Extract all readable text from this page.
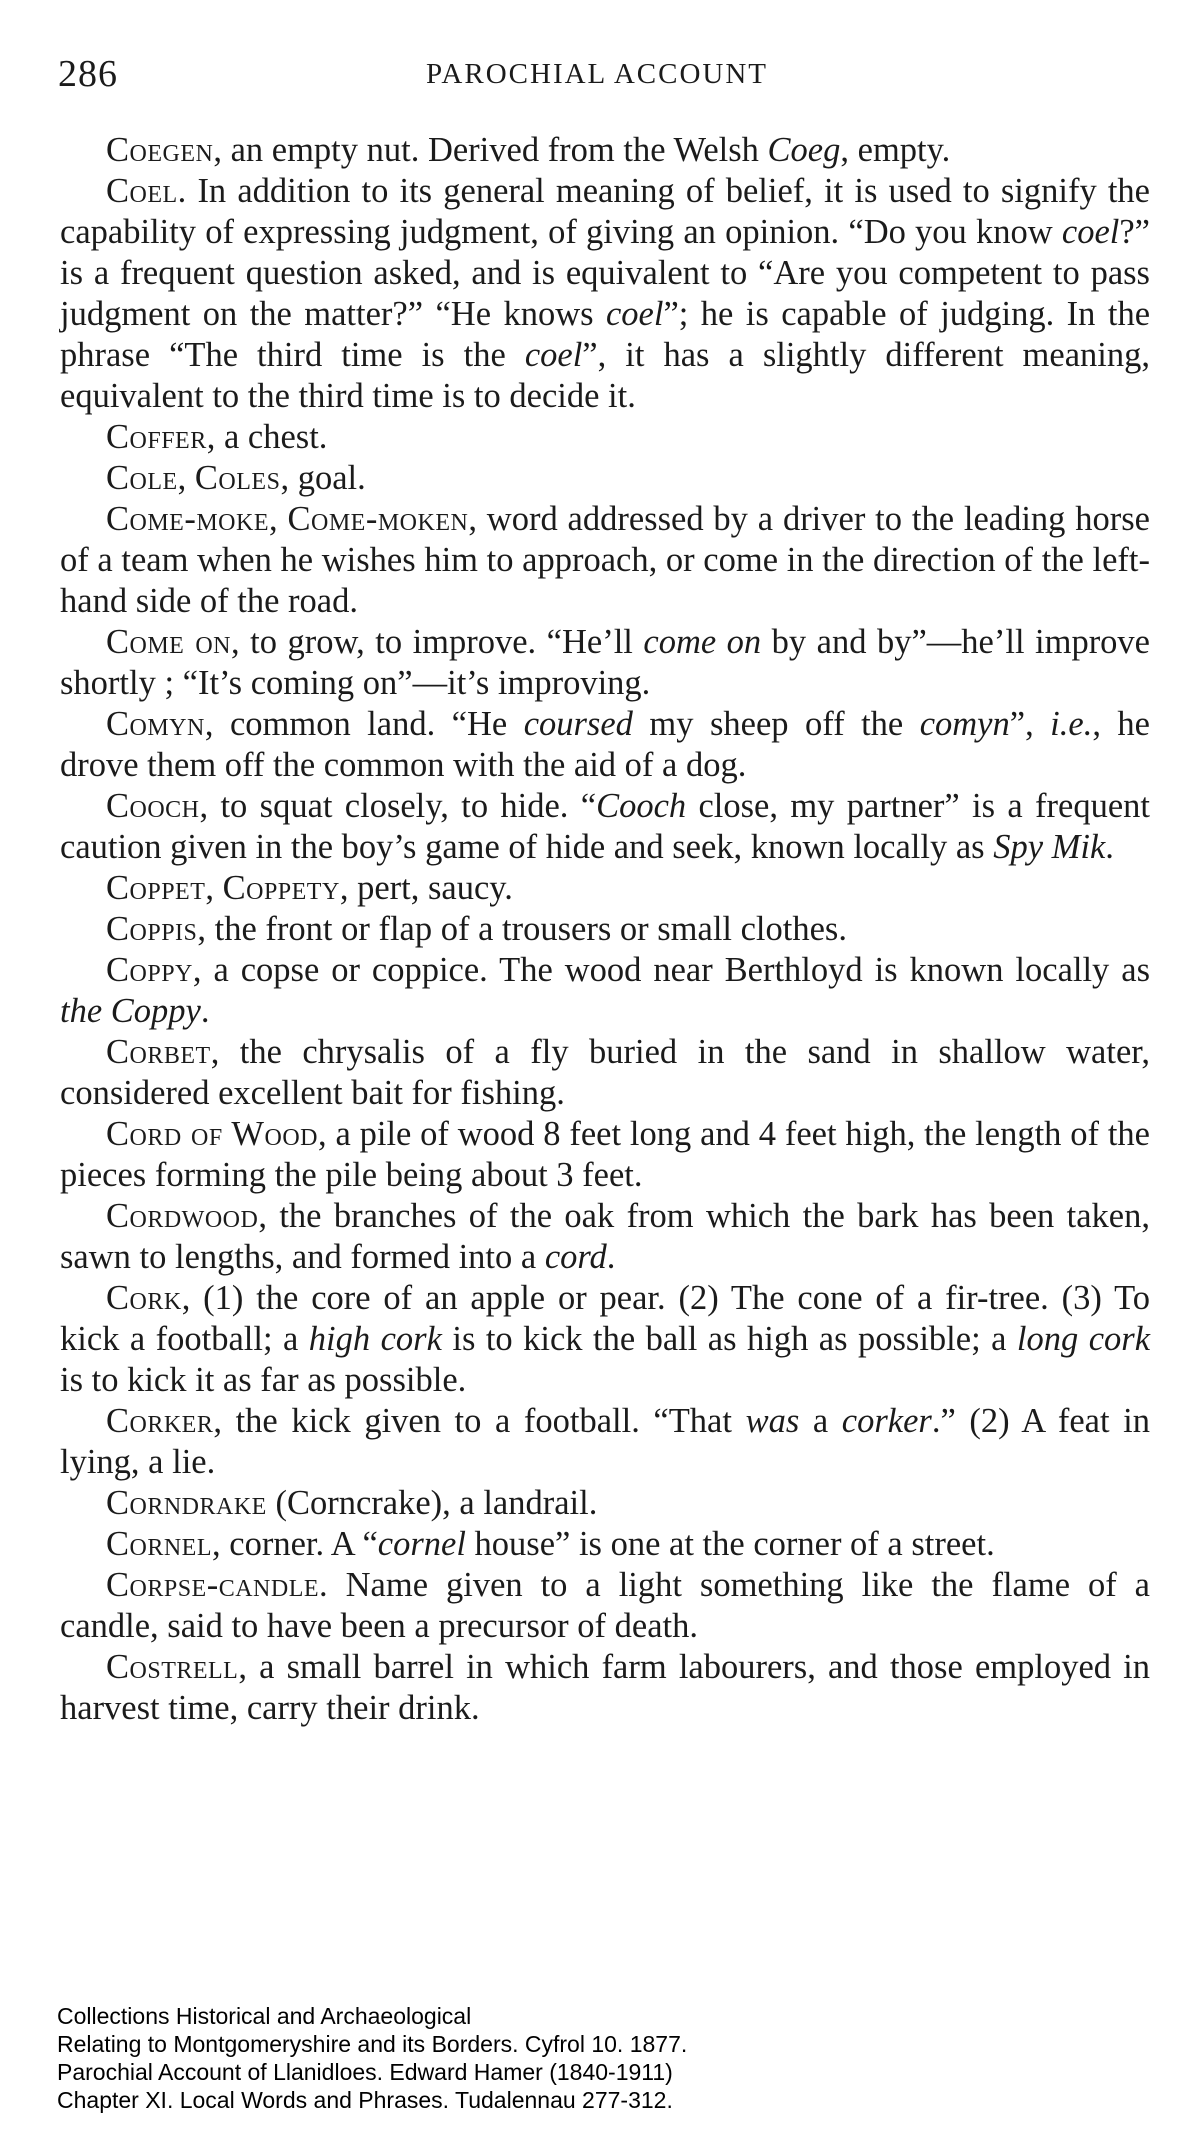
286	PAROCHIAL ACCOUNT

Coegen, an empty nut. Derived from the Welsh Coeg, empty.

Coel. In addition to its general meaning of belief, it is used to signify the capability of expressing judgment, of giving an opinion. “Do you know coel?” is a frequent question asked, and is equivalent to “Are you competent to pass judgment on the matter?” “He knows coel”; he is capable of judging. In the phrase “The third time is the coel”, it has a slightly different meaning, equivalent to the third time is to decide it.

Coffer, a chest.

Cole, Coles, goal.

Come-moke, Come-moken, word addressed by a driver to the leading horse of a team when he wishes him to approach, or come in the direction of the left-hand side of the road.

Come on, to grow, to improve. “He’ll come on by and by”—he’ll improve shortly ; “It’s coming on”—it’s improving.

Comyn, common land. “He coursed my sheep off the comyn”, i.e., he drove them off the common with the aid of a dog.

Cooch, to squat closely, to hide. “Cooch close, my partner” is a frequent caution given in the boy’s game of hide and seek, known locally as Spy Mik.

Coppet, Coppety, pert, saucy.

Coppis, the front or flap of a trousers or small clothes.

Coppy, a copse or coppice. The wood near Berthloyd is known locally as the Coppy.

Corbet, the chrysalis of a fly buried in the sand in shallow water, considered excellent bait for fishing.

Cord of Wood, a pile of wood 8 feet long and 4 feet high, the length of the pieces forming the pile being about 3 feet.

Cordwood, the branches of the oak from which the bark has been taken, sawn to lengths, and formed into a cord.

Cork, (1) the core of an apple or pear. (2) The cone of a fir-tree. (3) To kick a football; a high cork is to kick the ball as high as possible; a long cork is to kick it as far as possible.

Corker, the kick given to a football. “That was a corker.” (2) A feat in lying, a lie.

Corndrake (Corncrake), a landrail.

Cornel, corner. A “cornel house” is one at the corner of a street.

Corpse-candle. Name given to a light something like the flame of a candle, said to have been a precursor of death.

Costrell, a small barrel in which farm labourers, and those employed in harvest time, carry their drink.

Collections Historical and Archaeological
Relating to Montgomeryshire and its Borders. Cyfrol 10. 1877.
Parochial Account of Llanidloes. Edward Hamer (1840-1911)
Chapter XI. Local Words and Phrases. Tudalennau 277-312.
